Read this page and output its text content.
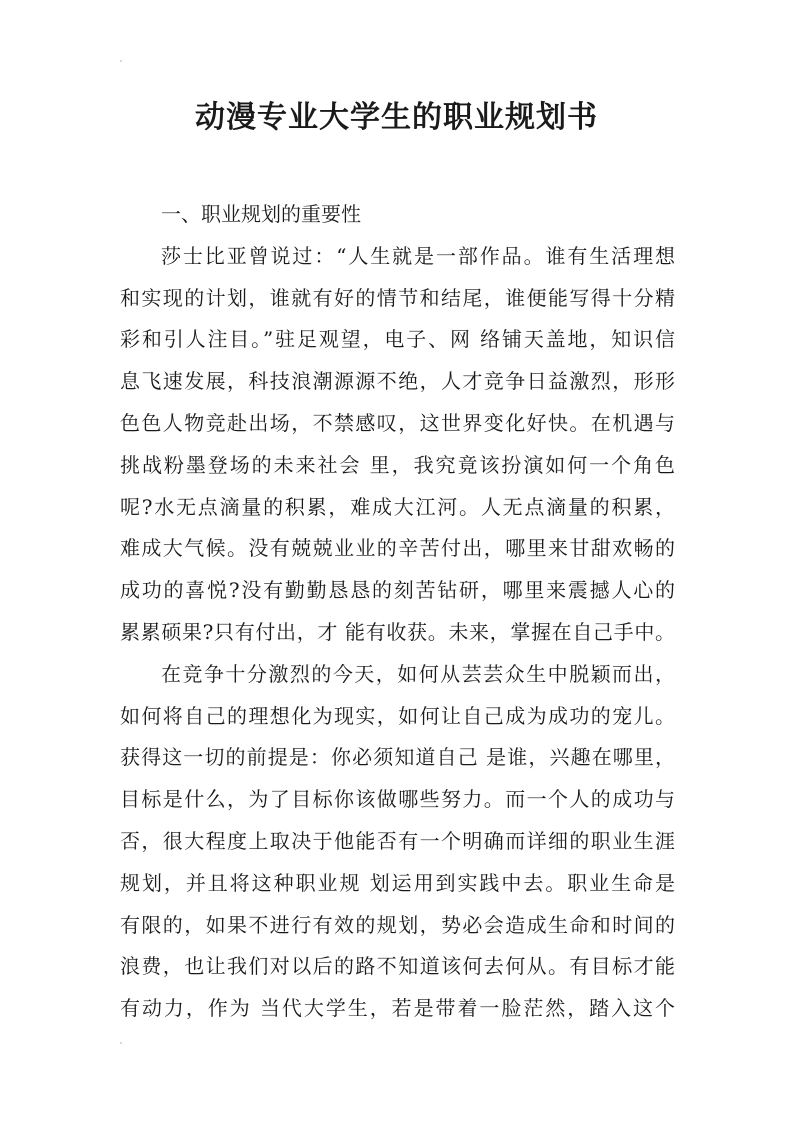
动漫专业大学生的职业规划书
一、职业规划的重要性
莎士比亚曾说过：“人生就是一部作品。谁有生活理想
和实现的计划，谁就有好的情节和结尾，谁便能写得十分精
彩和引人注目。”驻足观望，电子、网 络铺天盖地，知识信
息飞速发展，科技浪潮源源不绝，人才竞争日益激烈，形形
色色人物竞赴出场，不禁感叹，这世界变化好快。在机遇与
挑战粉墨登场的未来社会 里，我究竟该扮演如何一个角色
呢?水无点滴量的积累，难成大江河。人无点滴量的积累，
难成大气候。没有兢兢业业的辛苦付出，哪里来甘甜欢畅的
成功的喜悦?没有勤勤恳恳的刻苦钻研，哪里来震撼人心的
累累硕果?只有付出，才 能有收获。未来，掌握在自己手中。
在竞争十分激烈的今天，如何从芸芸众生中脱颖而出，
如何将自己的理想化为现实，如何让自己成为成功的宠儿。
获得这一切的前提是：你必须知道自己 是谁，兴趣在哪里，
目标是什么，为了目标你该做哪些努力。而一个人的成功与
否，很大程度上取决于他能否有一个明确而详细的职业生涯
规划，并且将这种职业规 划运用到实践中去。职业生命是
有限的，如果不进行有效的规划，势必会造成生命和时间的
浪费，也让我们对以后的路不知道该何去何从。有目标才能
有动力，作为 当代大学生，若是带着一脸茫然，踏入这个
